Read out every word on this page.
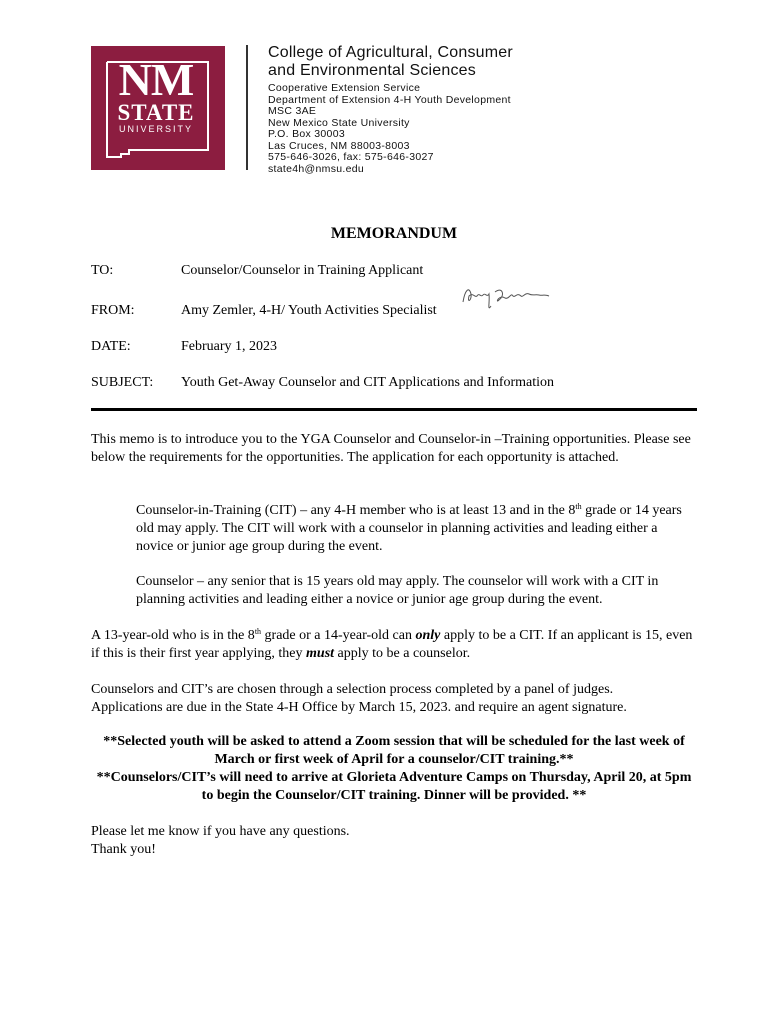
NM
STATE
UNIVERSITY
College of Agricultural, Consumer
and Environmental Sciences
Cooperative Extension Service
Department of Extension 4-H Youth Development
MSC 3AE
New Mexico State University
P.O. Box 30003
Las Cruces, NM 88003-8003
575-646-3026, fax: 575-646-3027
state4h@nmsu.edu
MEMORANDUM
TO:	Counselor/Counselor in Training Applicant
FROM:	Amy Zemler, 4-H/ Youth Activities Specialist
DATE:	February 1, 2023
SUBJECT: Youth Get-Away Counselor and CIT Applications and Information

This memo is to introduce you to the YGA Counselor and Counselor-in –Training opportunities. Please see below the requirements for the opportunities. The application for each opportunity is attached.

Counselor-in-Training (CIT) – any 4-H member who is at least 13 and in the 8th grade or 14 years old may apply. The CIT will work with a counselor in planning activities and leading either a novice or junior age group during the event.

Counselor – any senior that is 15 years old may apply. The counselor will work with a CIT in planning activities and leading either a novice or junior age group during the event.

A 13-year-old who is in the 8th grade or a 14-year-old can only apply to be a CIT. If an applicant is 15, even if this is their first year applying, they must apply to be a counselor.

Counselors and CIT’s are chosen through a selection process completed by a panel of judges. Applications are due in the State 4-H Office by March 15, 2023. and require an agent signature.

**Selected youth will be asked to attend a Zoom session that will be scheduled for the last week of March or first week of April for a counselor/CIT training.**
**Counselors/CIT’s will need to arrive at Glorieta Adventure Camps on Thursday, April 20, at 5pm to begin the Counselor/CIT training. Dinner will be provided. **

Please let me know if you have any questions.

Thank you!
